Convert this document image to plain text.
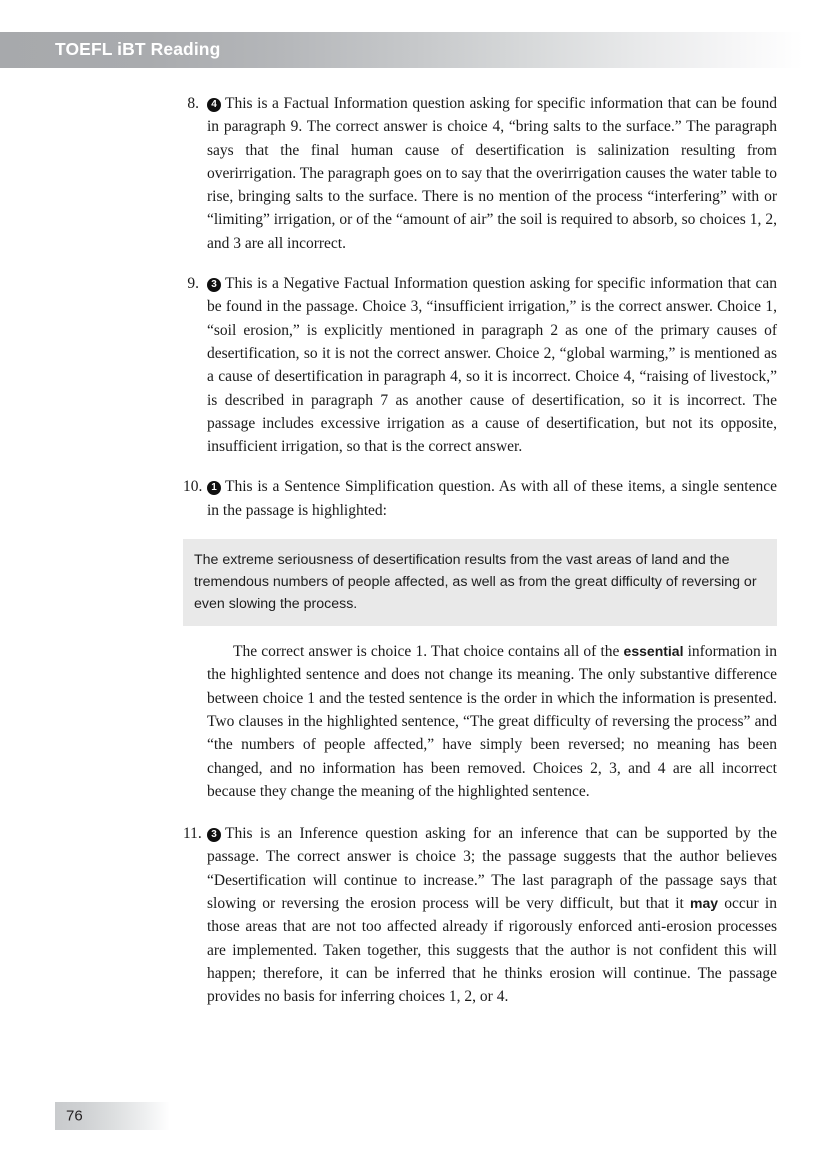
TOEFL iBT Reading
8.	4 This is a Factual Information question asking for specific information that can be found in paragraph 9. The correct answer is choice 4, “bring salts to the surface.” The paragraph says that the final human cause of desertification is salinization resulting from overirrigation. The paragraph goes on to say that the overirrigation causes the water table to rise, bringing salts to the surface. There is no mention of the process “interfering” with or “limiting” irrigation, or of the “amount of air” the soil is required to absorb, so choices 1, 2, and 3 are all incorrect.

9.	3 This is a Negative Factual Information question asking for specific information that can be found in the passage. Choice 3, “insufficient irrigation,” is the correct answer. Choice 1, “soil erosion,” is explicitly mentioned in paragraph 2 as one of the primary causes of desertification, so it is not the correct answer. Choice 2, “global warming,” is mentioned as a cause of desertification in paragraph 4, so it is incorrect. Choice 4, “raising of livestock,” is described in paragraph 7 as another cause of desertification, so it is incorrect. The passage includes excessive irrigation as a cause of desertification, but not its opposite, insufficient irrigation, so that is the correct answer.

10. 1 This is a Sentence Simplification question. As with all of these items, a single sentence in the passage is highlighted:

The extreme seriousness of desertification results from the vast areas of land and the tremendous numbers of people affected, as well as from the great difficulty of reversing or even slowing the process.

The correct answer is choice 1. That choice contains all of the essential information in the highlighted sentence and does not change its meaning. The only substantive difference between choice 1 and the tested sentence is the order in which the information is presented. Two clauses in the highlighted sentence, “The great difficulty of reversing the process” and “the numbers of people affected,” have simply been reversed; no meaning has been changed, and no information has been removed. Choices 2, 3, and 4 are all incorrect because they change the meaning of the highlighted sentence.

11. 3 This is an Inference question asking for an inference that can be supported by the passage. The correct answer is choice 3; the passage suggests that the author believes “Desertification will continue to increase.” The last paragraph of the passage says that slowing or reversing the erosion process will be very difficult, but that it may occur in those areas that are not too affected already if rigorously enforced anti-erosion processes are implemented. Taken together, this suggests that the author is not confident this will happen; therefore, it can be inferred that he thinks erosion will continue. The passage provides no basis for inferring choices 1, 2, or 4.

76
